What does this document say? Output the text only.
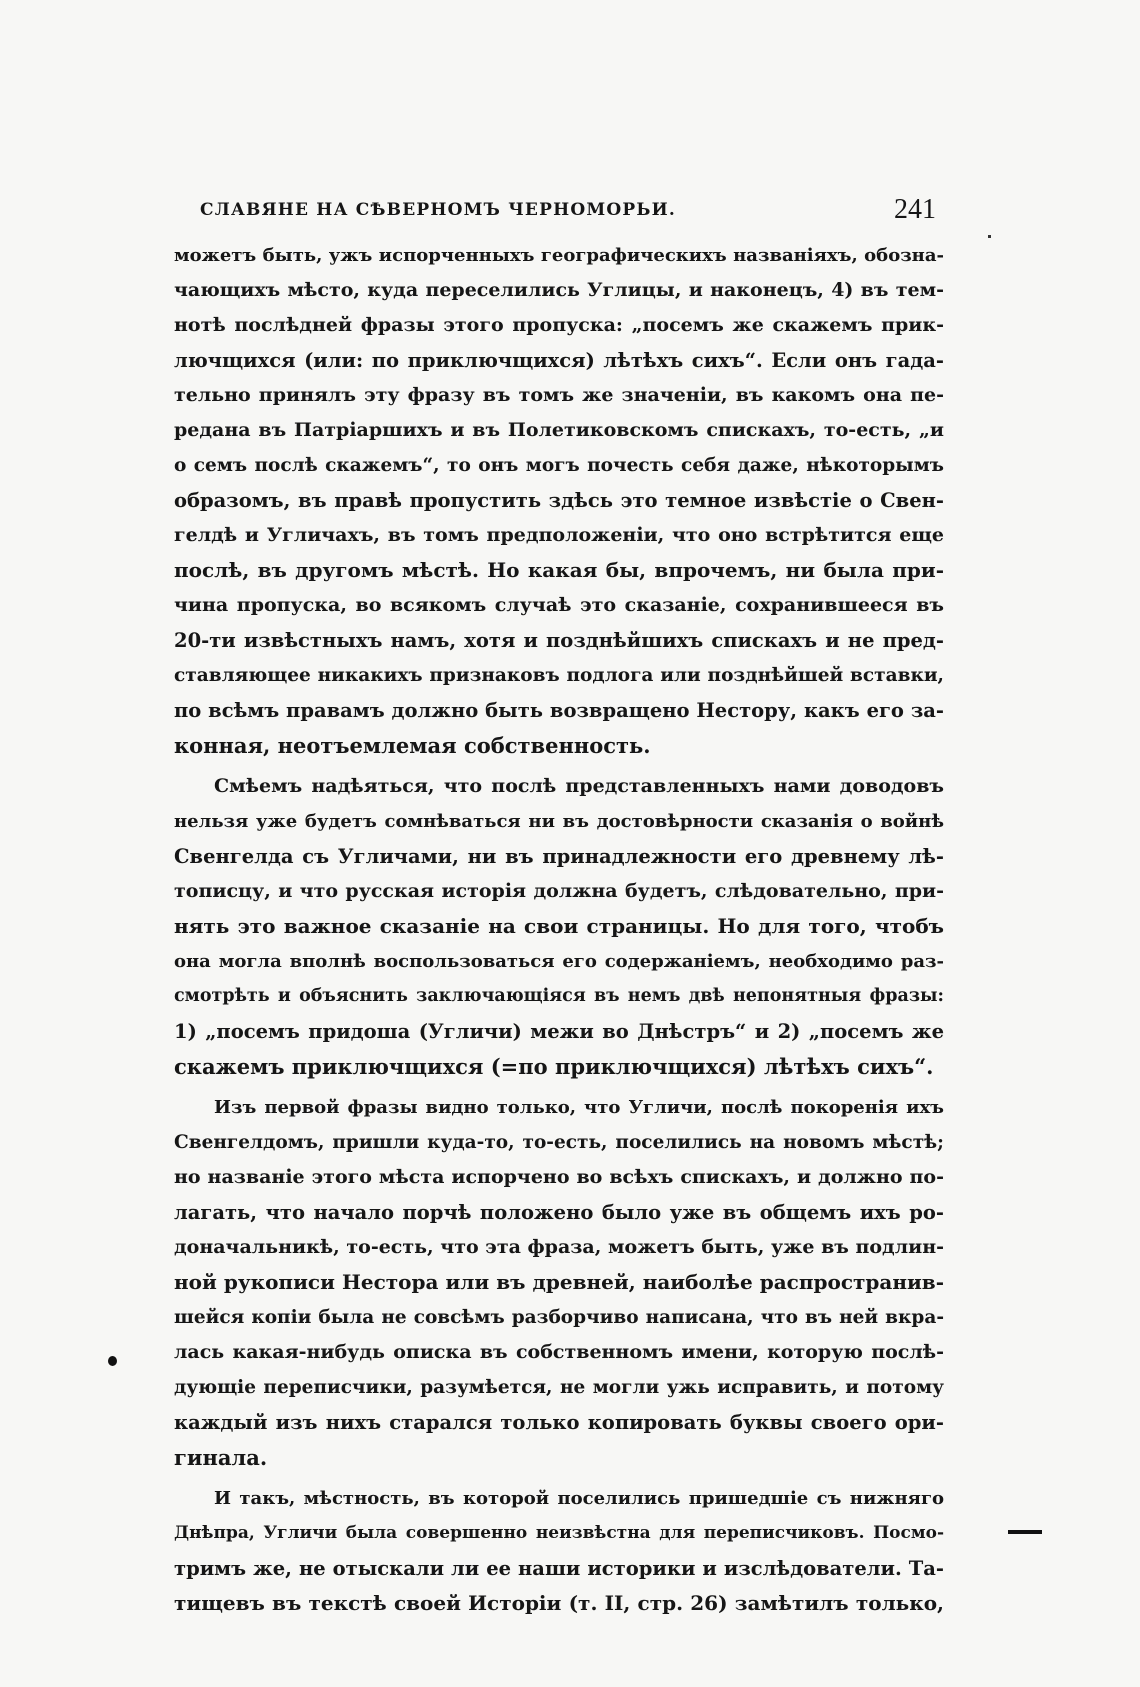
СЛАВЯНЕ НА СѢВЕРНОМЪ ЧЕРНОМОРЬИ.	241
можетъ быть, ужъ испорченныхъ географическихъ названіяхъ, обозна-
чающихъ мѣсто, куда переселились Углицы, и наконецъ, 4) въ тем-
нотѣ послѣдней фразы этого пропуска: „посемъ же скажемъ прик-
лючщихся (или: по приключщихся) лѣтѣхъ сихъ“. Если онъ гада-
тельно принялъ эту фразу въ томъ же значеніи, въ какомъ она пе-
редана въ Патріаршихъ и въ Полетиковскомъ спискахъ, то-есть, „и
о семъ послѣ скажемъ“, то онъ могъ почесть себя даже, нѣкоторымъ
образомъ, въ правѣ пропустить здѣсь это темное извѣстіе о Свен-
гелдѣ и Угличахъ, въ томъ предположеніи, что оно встрѣтится еще
послѣ, въ другомъ мѣстѣ. Но какая бы, впрочемъ, ни была при-
чина пропуска, во всякомъ случаѣ это сказаніе, сохранившееся въ
20-ти извѣстныхъ намъ, хотя и позднѣйшихъ спискахъ и не пред-
ставляющее никакихъ признаковъ подлога или позднѣйшей вставки,
по всѣмъ правамъ должно быть возвращено Нестору, какъ его за-
конная, неотъемлемая собственность.
Смѣемъ надѣяться, что послѣ представленныхъ нами доводовъ
нельзя уже будетъ сомнѣваться ни въ достовѣрности сказанія о войнѣ
Свенгелда съ Угличами, ни въ принадлежности его древнему лѣ-
тописцу, и что русская исторія должна будетъ, слѣдовательно, при-
нять это важное сказаніе на свои страницы. Но для того, чтобъ
она могла вполнѣ воспользоваться его содержаніемъ, необходимо раз-
смотрѣть и объяснить заключающіяся въ немъ двѣ непонятныя фразы:
1) „посемъ придоша (Угличи) межи во Днѣстръ“ и 2) „посемъ же
скажемъ приключщихся (=по приключщихся) лѣтѣхъ сихъ“.
Изъ первой фразы видно только, что Угличи, послѣ покоренія ихъ
Свенгелдомъ, пришли куда-то, то-есть, поселились на новомъ мѣстѣ;
но названіе этого мѣста испорчено во всѣхъ спискахъ, и должно по-
лагать, что начало порчѣ положено было уже въ общемъ ихъ ро-
доначальникѣ, то-есть, что эта фраза, можетъ быть, уже въ подлин-
ной рукописи Нестора или въ древней, наиболѣе распространив-
шейся копіи была не совсѣмъ разборчиво написана, что въ ней вкра-
лась какая-нибудь описка въ собственномъ имени, которую послѣ-
дующіе переписчики, разумѣется, не могли ужь исправить, и потому
каждый изъ нихъ старался только копировать буквы своего ори-
гинала.
И такъ, мѣстность, въ которой поселились пришедшіе съ нижняго
Днѣпра, Угличи была совершенно неизвѣстна для переписчиковъ. Посмо-
тримъ же, не отыскали ли ее наши историки и изслѣдователи. Та-
тищевъ въ текстѣ своей Исторіи (т. II, стр. 26) замѣтилъ только,
